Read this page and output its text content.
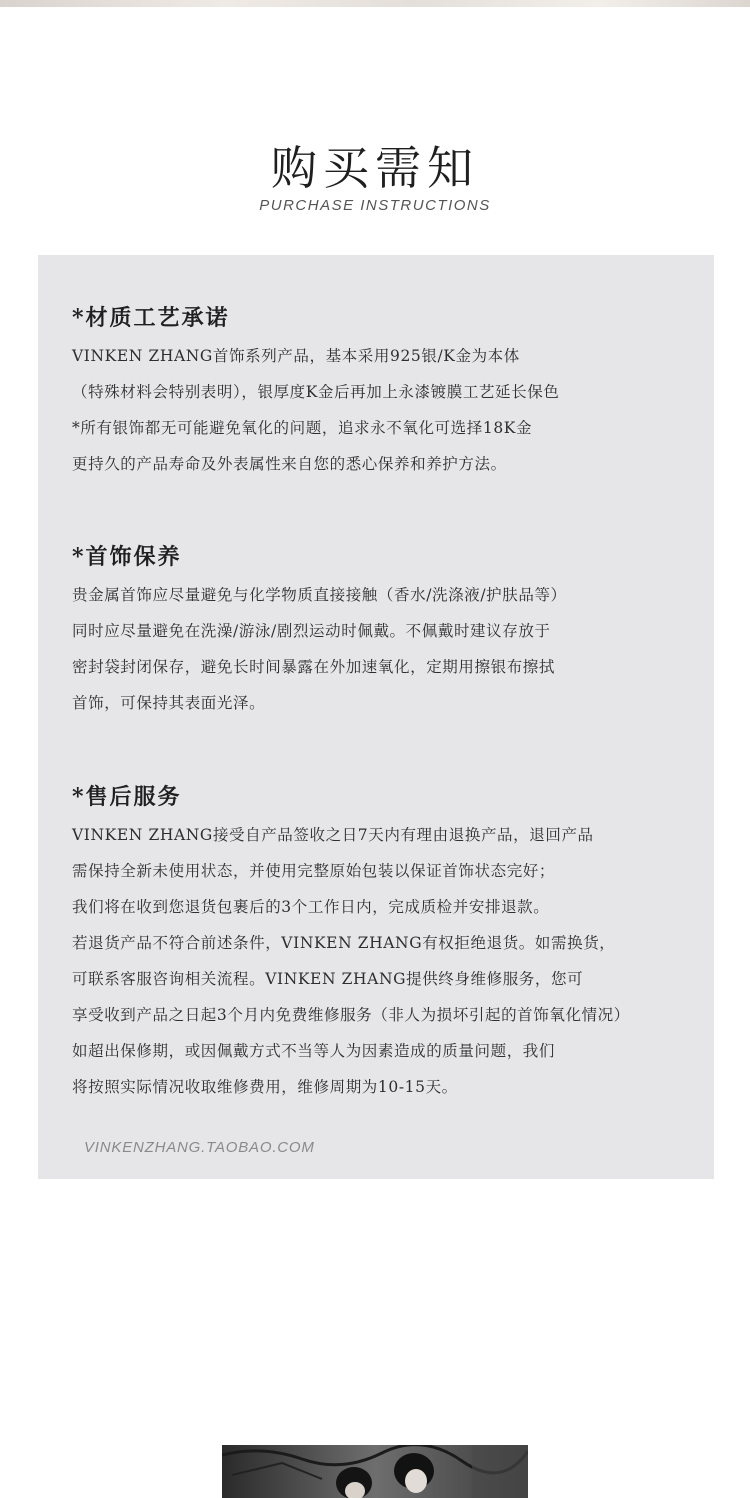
购买需知
PURCHASE INSTRUCTIONS
*材质工艺承诺
VINKEN ZHANG首饰系列产品，基本采用925银/K金为本体
（特殊材料会特别表明），银厚度K金后再加上永漆镀膜工艺延长保色
*所有银饰都无可能避免氧化的问题，追求永不氧化可选择18K金
更持久的产品寿命及外表属性来自您的悉心保养和养护方法。
*首饰保养
贵金属首饰应尽量避免与化学物质直接接触（香水/洗涤液/护肤品等）
同时应尽量避免在洗澡/游泳/剧烈运动时佩戴。不佩戴时建议存放于
密封袋封闭保存，避免长时间暴露在外加速氧化，定期用擦银布擦拭
首饰，可保持其表面光泽。
*售后服务
VINKEN ZHANG接受自产品签收之日7天内有理由退换产品，退回产品
需保持全新未使用状态，并使用完整原始包装以保证首饰状态完好；
我们将在收到您退货包裹后的3个工作日内，完成质检并安排退款。
若退货产品不符合前述条件，VINKEN ZHANG有权拒绝退货。如需换货，
可联系客服咨询相关流程。VINKEN ZHANG提供终身维修服务，您可
享受收到产品之日起3个月内免费维修服务（非人为损坏引起的首饰氧化情况）
如超出保修期，或因佩戴方式不当等人为因素造成的质量问题，我们
将按照实际情况收取维修费用，维修周期为10-15天。
VINKENZHANG.TAOBAO.COM
